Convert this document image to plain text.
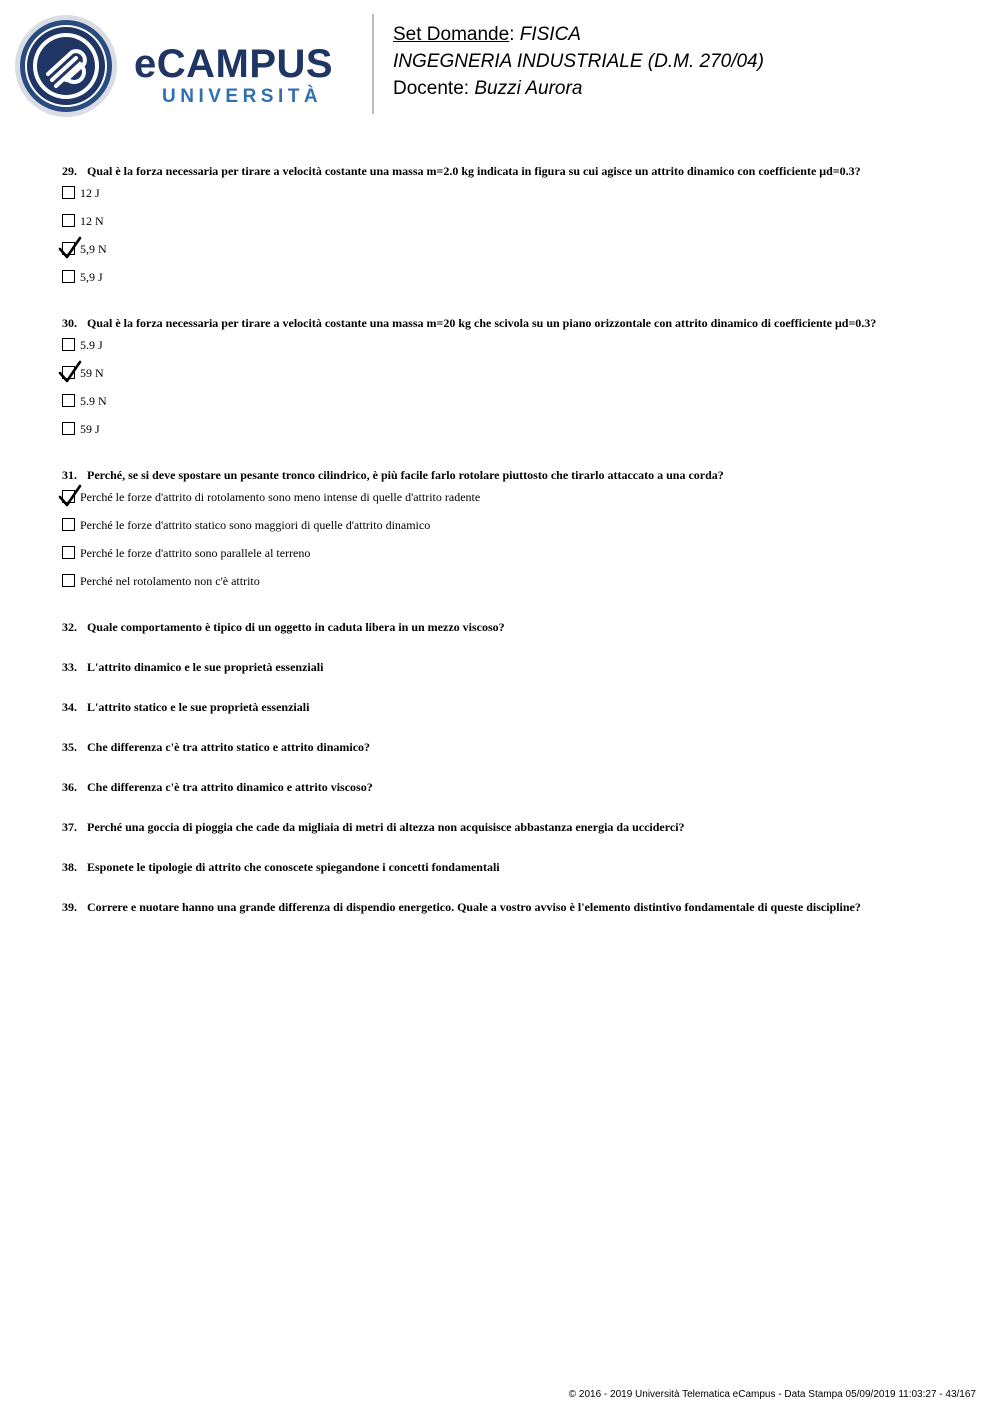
eCAMPUS
UNIVERSITÀ
Set Domande: FISICA
INGEGNERIA INDUSTRIALE (D.M. 270/04)
Docente: Buzzi Aurora
29. Qual è la forza necessaria per tirare a velocità costante una massa m=2.0 kg indicata in figura su cui agisce un attrito dinamico con coefficiente μd=0.3?
12 J
12 N
5,9 N
5,9 J
30. Qual è la forza necessaria per tirare a velocità costante una massa m=20 kg che scivola su un piano orizzontale con attrito dinamico di coefficiente μd=0.3?
5.9 J
59 N
5.9 N
59 J
31. Perché, se si deve spostare un pesante tronco cilindrico, è più facile farlo rotolare piuttosto che tirarlo attaccato a una corda?
Perché le forze d'attrito di rotolamento sono meno intense di quelle d'attrito radente
Perché le forze d'attrito statico sono maggiori di quelle d'attrito dinamico
Perché le forze d'attrito sono parallele al terreno
Perché nel rotolamento non c'è attrito
32. Quale comportamento è tipico di un oggetto in caduta libera in un mezzo viscoso?
33. L'attrito dinamico e le sue proprietà essenziali
34. L'attrito statico e le sue proprietà essenziali
35. Che differenza c'è tra attrito statico e attrito dinamico?
36. Che differenza c'è tra attrito dinamico e attrito viscoso?
37. Perché una goccia di pioggia che cade da migliaia di metri di altezza non acquisisce abbastanza energia da ucciderci?
38. Esponete le tipologie di attrito che conoscete spiegandone i concetti fondamentali
39. Correre e nuotare hanno una grande differenza di dispendio energetico. Quale a vostro avviso è l'elemento distintivo fondamentale di queste discipline?
© 2016 - 2019 Università Telematica eCampus - Data Stampa 05/09/2019 11:03:27 - 43/167
